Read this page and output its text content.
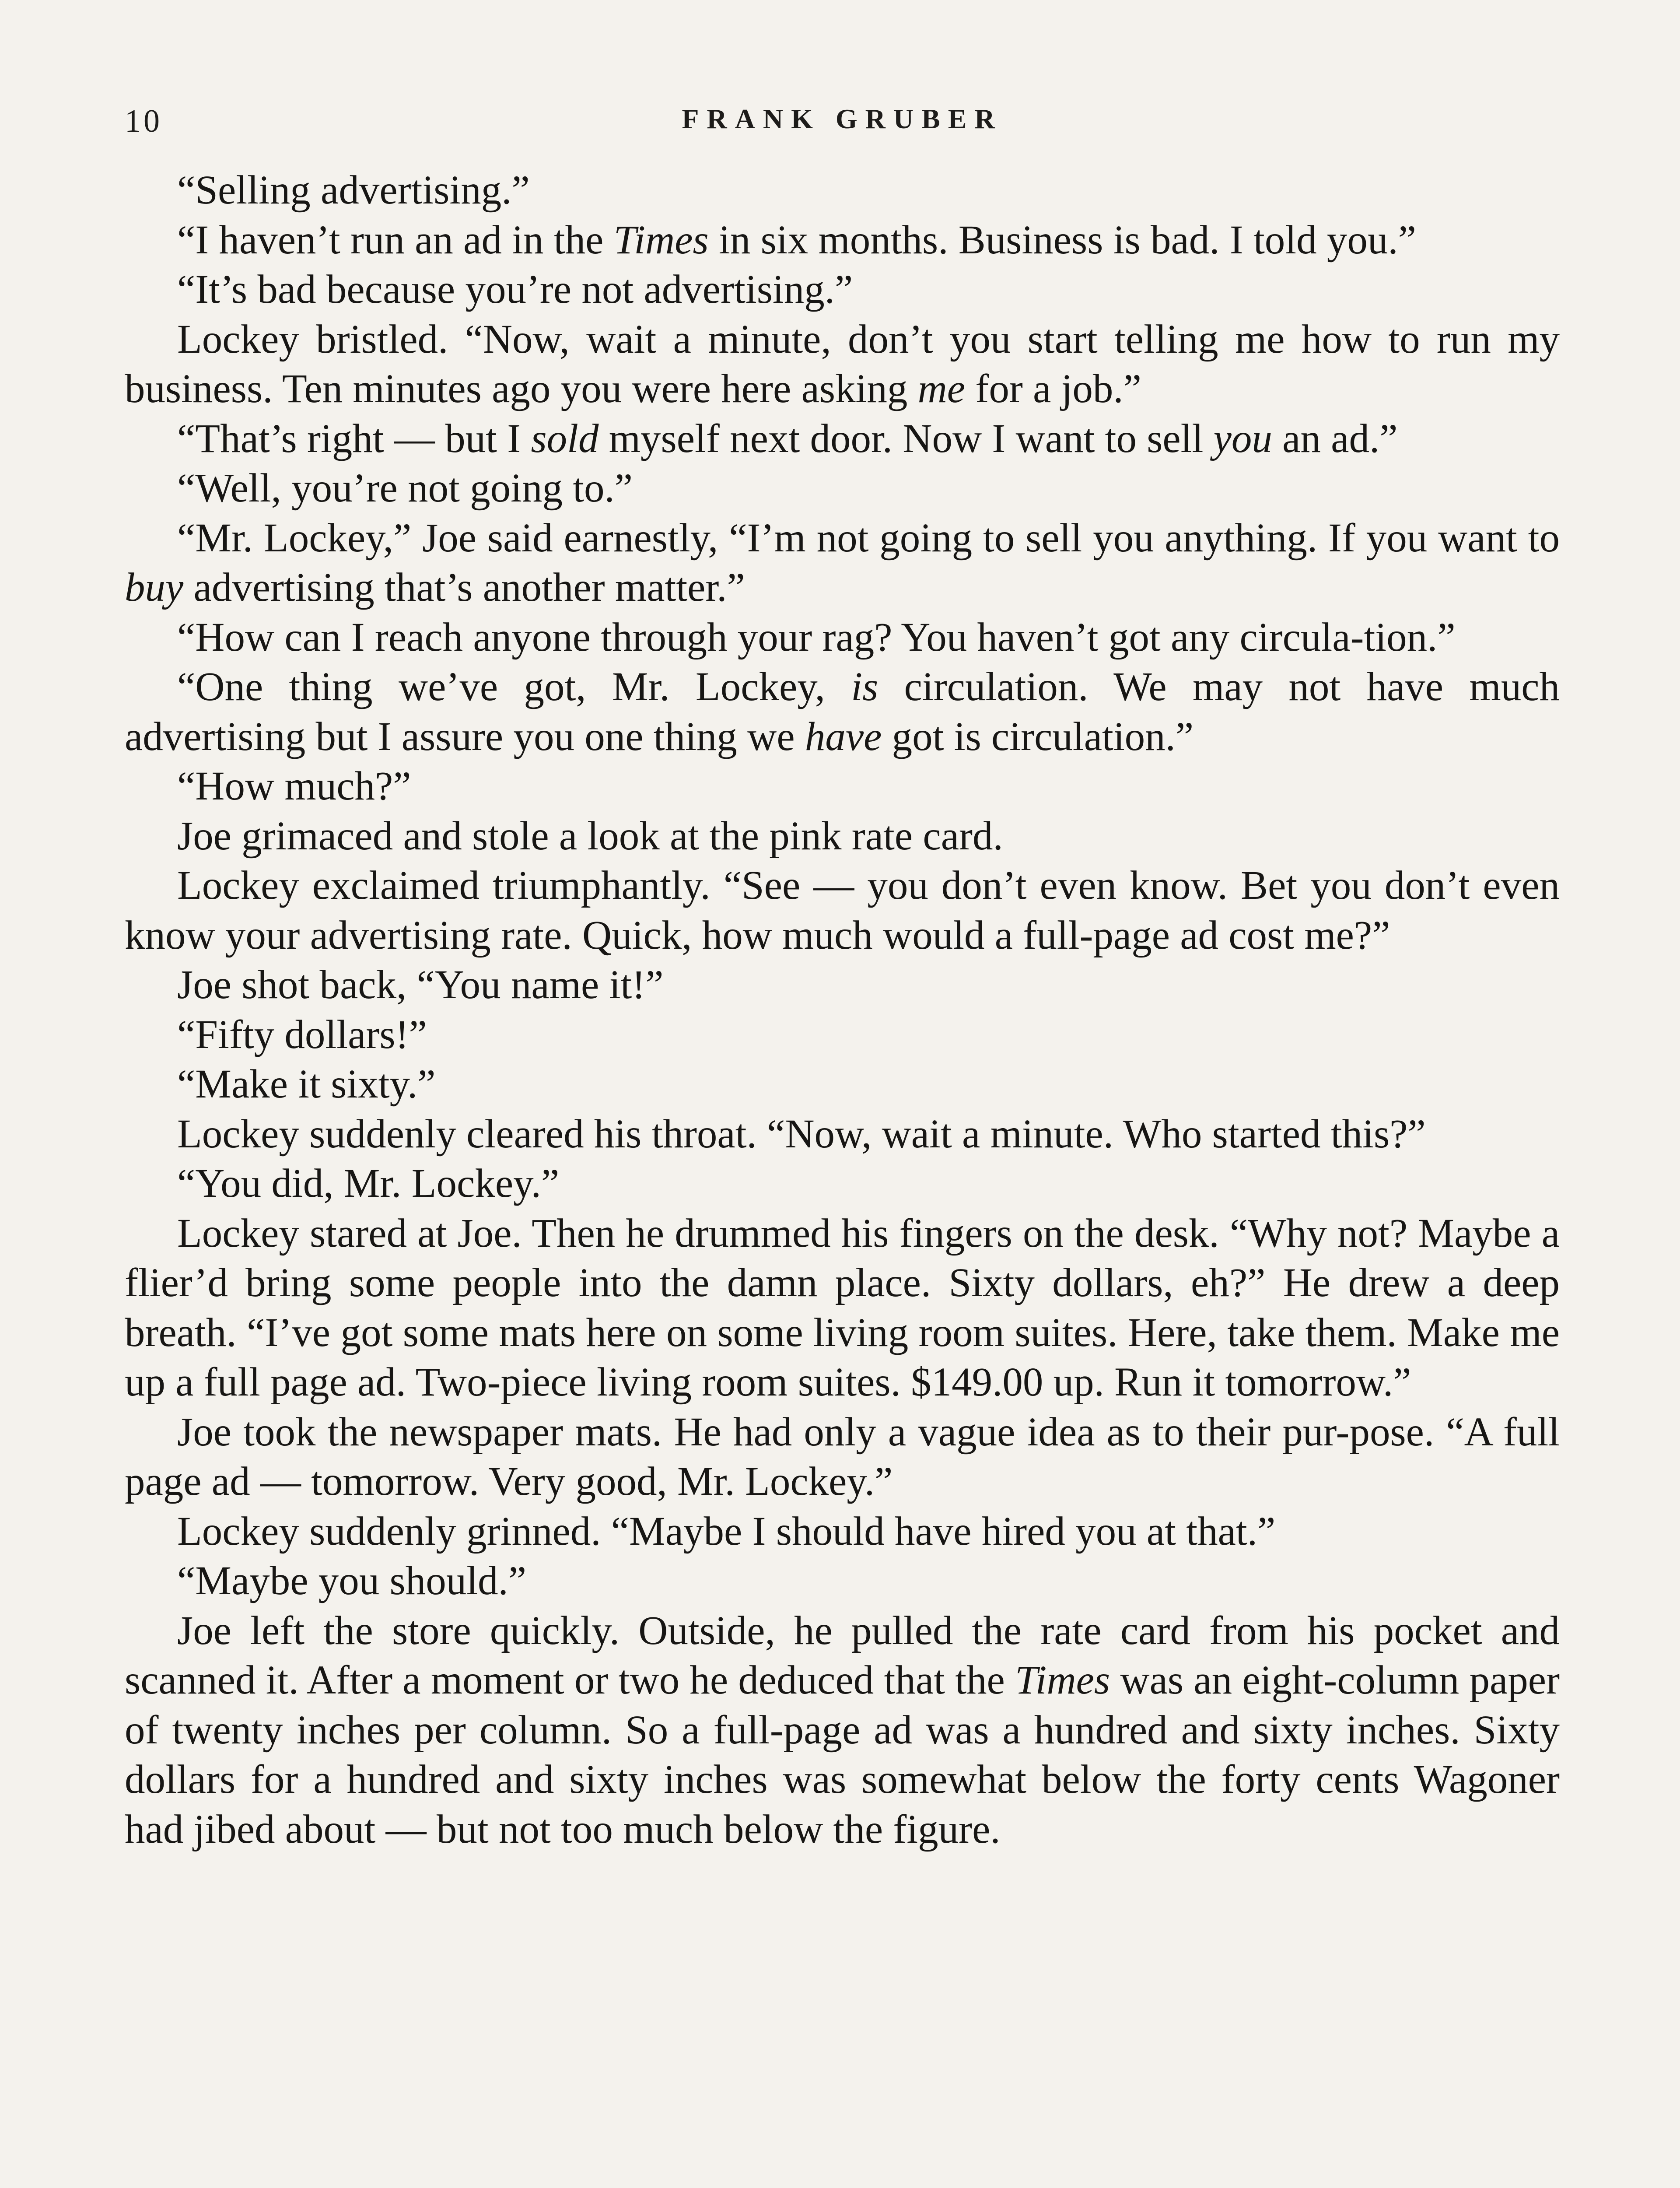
10	FRANK GRUBER

“Selling advertising.”

“I haven’t run an ad in the Times in six months. Business is bad. I told you.”

“It’s bad because you’re not advertising.”

Lockey bristled. “Now, wait a minute, don’t you start telling me how to run my business. Ten minutes ago you were here asking me for a job.”

“That’s right — but I sold myself next door. Now I want to sell you an ad.”

“Well, you’re not going to.”

“Mr. Lockey,” Joe said earnestly, “I’m not going to sell you anything. If you want to buy advertising that’s another matter.”

“How can I reach anyone through your rag? You haven’t got any circula-tion.”

“One thing we’ve got, Mr. Lockey, is circulation. We may not have much advertising but I assure you one thing we have got is circulation.”

“How much?”

Joe grimaced and stole a look at the pink rate card.

Lockey exclaimed triumphantly. “See — you don’t even know. Bet you don’t even know your advertising rate. Quick, how much would a full-page ad cost me?”

Joe shot back, “You name it!”

“Fifty dollars!”

“Make it sixty.”

Lockey suddenly cleared his throat. “Now, wait a minute. Who started this?”

“You did, Mr. Lockey.”

Lockey stared at Joe. Then he drummed his fingers on the desk. “Why not? Maybe a flier’d bring some people into the damn place. Sixty dollars, eh?” He drew a deep breath. “I’ve got some mats here on some living room suites. Here, take them. Make me up a full page ad. Two-piece living room suites. $149.00 up. Run it tomorrow.”

Joe took the newspaper mats. He had only a vague idea as to their pur-pose. “A full page ad — tomorrow. Very good, Mr. Lockey.”

Lockey suddenly grinned. “Maybe I should have hired you at that.”

“Maybe you should.”

Joe left the store quickly. Outside, he pulled the rate card from his pocket and scanned it. After a moment or two he deduced that the Times was an eight-column paper of twenty inches per column. So a full-page ad was a hundred and sixty inches. Sixty dollars for a hundred and sixty inches was somewhat below the forty cents Wagoner had jibed about — but not too much below the figure.
